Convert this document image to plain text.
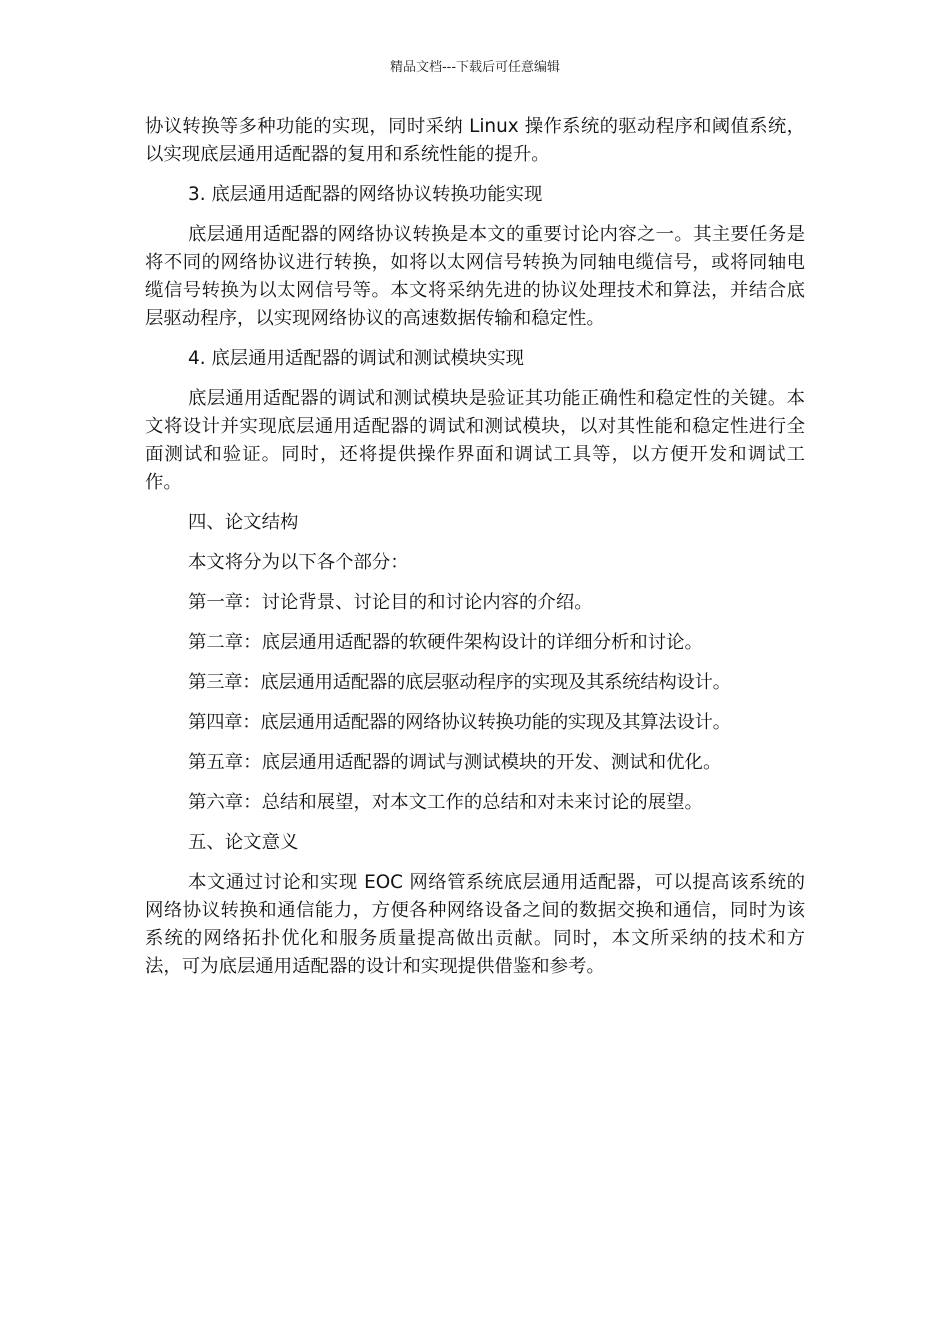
精品文档---下载后可任意编辑

协议转换等多种功能的实现，同时采纳 Linux 操作系统的驱动程序和阈值系统，以实现底层通用适配器的复用和系统性能的提升。

3. 底层通用适配器的网络协议转换功能实现

底层通用适配器的网络协议转换是本文的重要讨论内容之一。其主要任务是将不同的网络协议进行转换，如将以太网信号转换为同轴电缆信号，或将同轴电缆信号转换为以太网信号等。本文将采纳先进的协议处理技术和算法，并结合底层驱动程序，以实现网络协议的高速数据传输和稳定性。

4. 底层通用适配器的调试和测试模块实现

底层通用适配器的调试和测试模块是验证其功能正确性和稳定性的关键。本文将设计并实现底层通用适配器的调试和测试模块，以对其性能和稳定性进行全面测试和验证。同时，还将提供操作界面和调试工具等，以方便开发和调试工作。

四、论文结构

本文将分为以下各个部分：

第一章：讨论背景、讨论目的和讨论内容的介绍。

第二章：底层通用适配器的软硬件架构设计的详细分析和讨论。

第三章：底层通用适配器的底层驱动程序的实现及其系统结构设计。

第四章：底层通用适配器的网络协议转换功能的实现及其算法设计。

第五章：底层通用适配器的调试与测试模块的开发、测试和优化。

第六章：总结和展望，对本文工作的总结和对未来讨论的展望。

五、论文意义

本文通过讨论和实现 EOC 网络管系统底层通用适配器，可以提高该系统的网络协议转换和通信能力，方便各种网络设备之间的数据交换和通信，同时为该系统的网络拓扑优化和服务质量提高做出贡献。同时，本文所采纳的技术和方法，可为底层通用适配器的设计和实现提供借鉴和参考。
